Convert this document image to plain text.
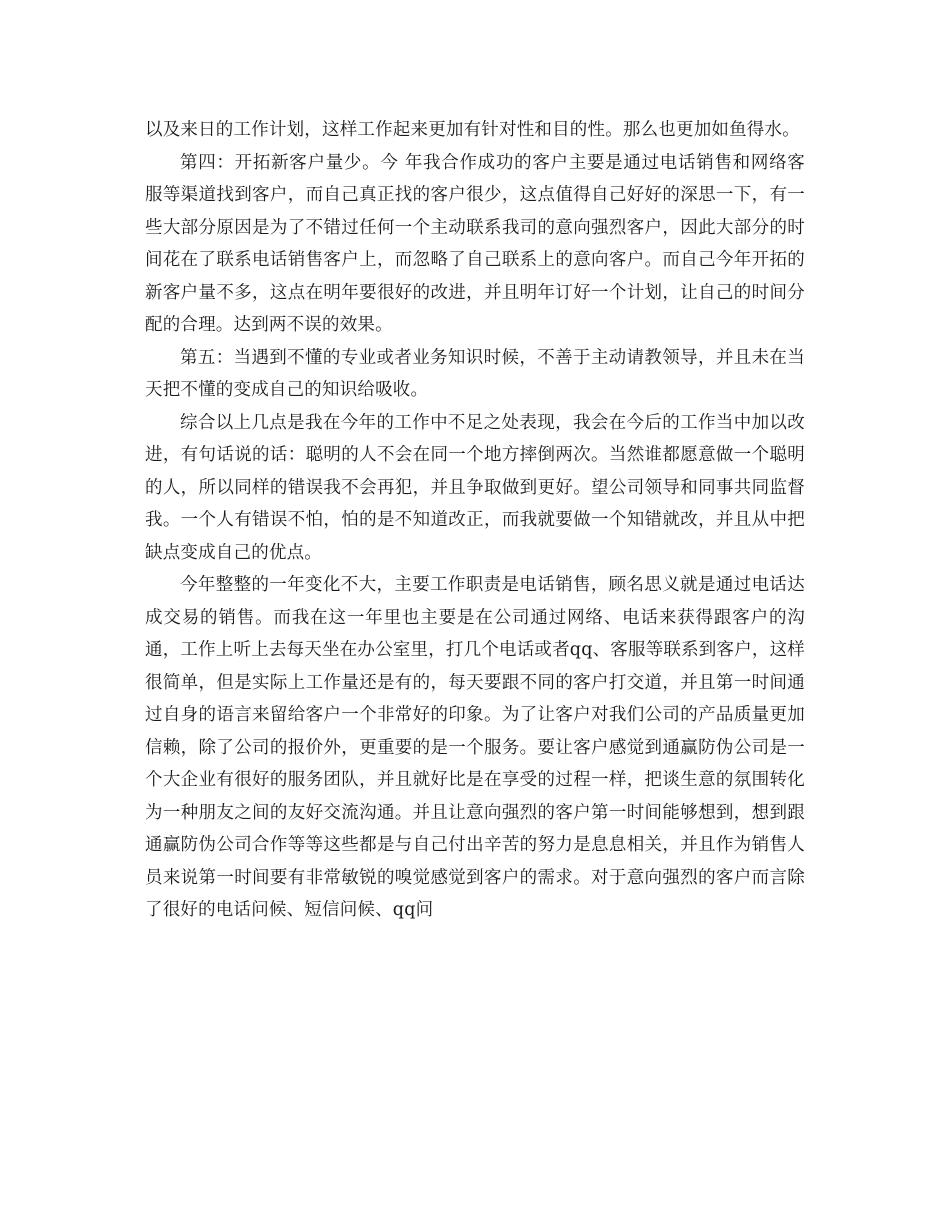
以及来日的工作计划，这样工作起来更加有针对性和目的性。那么也更加如鱼得水。

第四：开拓新客户量少。今 年我合作成功的客户主要是通过电话销售和网络客服等渠道找到客户，而自己真正找的客户很少，这点值得自己好好的深思一下，有一些大部分原因是为了不错过任何一个主动联系我司的意向强烈客户，因此大部分的时间花在了联系电话销售客户上，而忽略了自己联系上的意向客户。而自己今年开拓的新客户量不多，这点在明年要很好的改进，并且明年订好一个计划，让自己的时间分配的合理。达到两不误的效果。

第五：当遇到不懂的专业或者业务知识时候，不善于主动请教领导，并且未在当天把不懂的变成自己的知识给吸收。

综合以上几点是我在今年的工作中不足之处表现，我会在今后的工作当中加以改进，有句话说的话：聪明的人不会在同一个地方摔倒两次。当然谁都愿意做一个聪明的人，所以同样的错误我不会再犯，并且争取做到更好。望公司领导和同事共同监督我。一个人有错误不怕，怕的是不知道改正，而我就要做一个知错就改，并且从中把缺点变成自己的优点。

今年整整的一年变化不大，主要工作职责是电话销售，顾名思义就是通过电话达成交易的销售。而我在这一年里也主要是在公司通过网络、电话来获得跟客户的沟通，工作上听上去每天坐在办公室里，打几个电话或者qq、客服等联系到客户，这样很简单，但是实际上工作量还是有的，每天要跟不同的客户打交道，并且第一时间通过自身的语言来留给客户一个非常好的印象。为了让客户对我们公司的产品质量更加信赖，除了公司的报价外，更重要的是一个服务。要让客户感觉到通赢防伪公司是一个大企业有很好的服务团队，并且就好比是在享受的过程一样，把谈生意的氛围转化为一种朋友之间的友好交流沟通。并且让意向强烈的客户第一时间能够想到，想到跟通赢防伪公司合作等等这些都是与自己付出辛苦的努力是息息相关，并且作为销售人员来说第一时间要有非常敏锐的嗅觉感觉到客户的需求。对于意向强烈的客户而言除了很好的电话问候、短信问候、qq问
